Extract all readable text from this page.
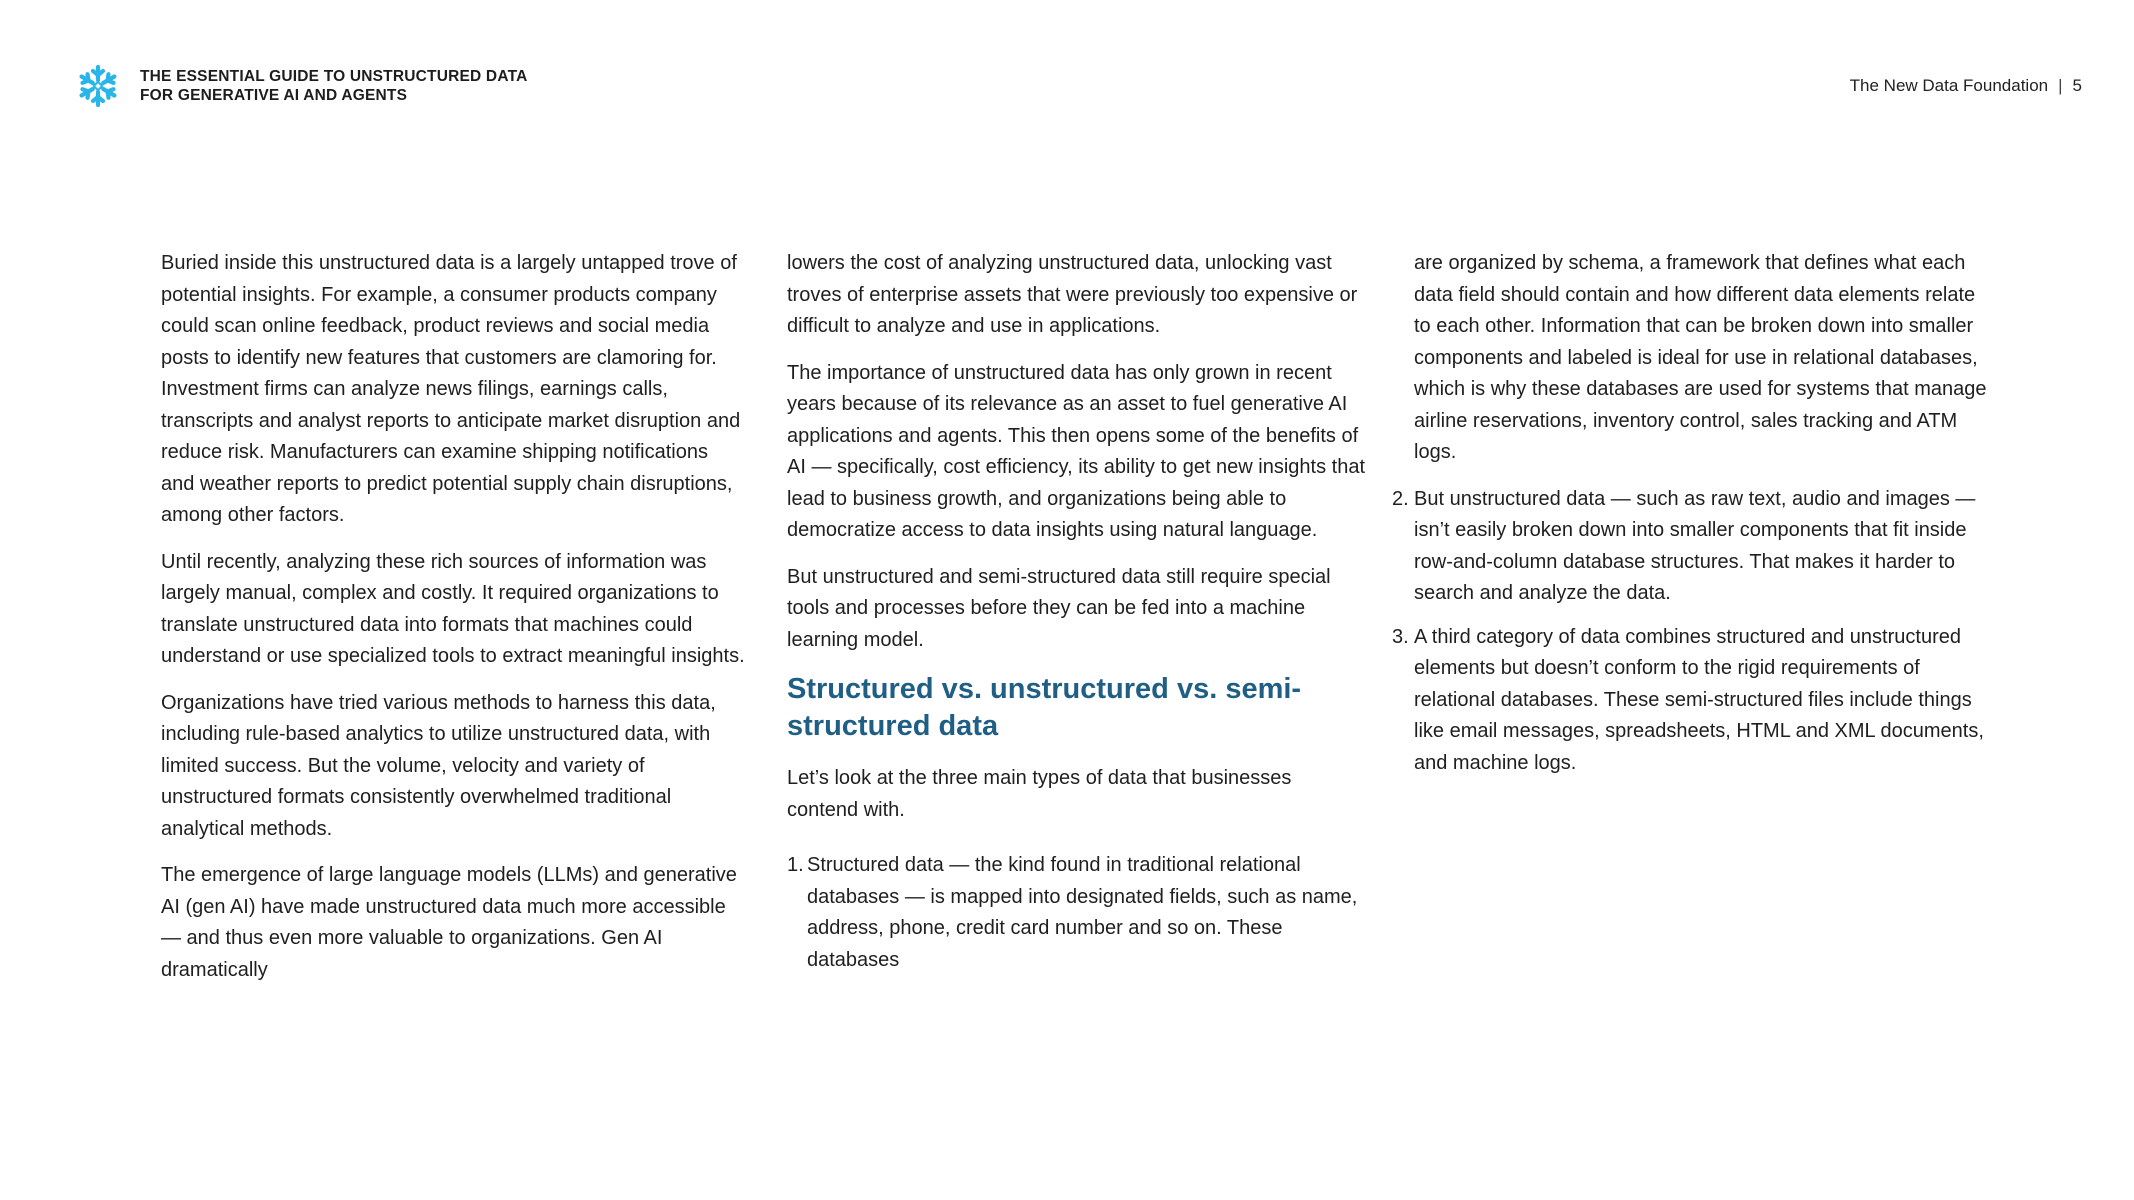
THE ESSENTIAL GUIDE TO UNSTRUCTURED DATA
FOR GENERATIVE AI AND AGENTS
The New Data Foundation | 5

Buried inside this unstructured data is a largely untapped trove of potential insights. For example, a consumer products company could scan online feedback, product reviews and social media posts to identify new features that customers are clamoring for. Investment firms can analyze news filings, earnings calls, transcripts and analyst reports to anticipate market disruption and reduce risk. Manufacturers can examine shipping notifications and weather reports to predict potential supply chain disruptions, among other factors.

Until recently, analyzing these rich sources of information was largely manual, complex and costly. It required organizations to translate unstructured data into formats that machines could understand or use specialized tools to extract meaningful insights.

Organizations have tried various methods to harness this data, including rule-based analytics to utilize unstructured data, with limited success. But the volume, velocity and variety of unstructured formats consistently overwhelmed traditional analytical methods.

The emergence of large language models (LLMs) and generative AI (gen AI) have made unstructured data much more accessible — and thus even more valuable to organizations. Gen AI dramatically

lowers the cost of analyzing unstructured data, unlocking vast troves of enterprise assets that were previously too expensive or difficult to analyze and use in applications.

The importance of unstructured data has only grown in recent years because of its relevance as an asset to fuel generative AI applications and agents. This then opens some of the benefits of AI — specifically, cost efficiency, its ability to get new insights that lead to business growth, and organizations being able to democratize access to data insights using natural language.

But unstructured and semi-structured data still require special tools and processes before they can be fed into a machine learning model.

Structured vs. unstructured vs. semi-structured data

Let’s look at the three main types of data that businesses contend with.

1. Structured data — the kind found in traditional relational databases — is mapped into designated fields, such as name, address, phone, credit card number and so on. These databases

are organized by schema, a framework that defines what each data field should contain and how different data elements relate to each other. Information that can be broken down into smaller components and labeled is ideal for use in relational databases, which is why these databases are used for systems that manage airline reservations, inventory control, sales tracking and ATM logs.

2. But unstructured data — such as raw text, audio and images — isn’t easily broken down into smaller components that fit inside row-and-column database structures. That makes it harder to search and analyze the data.
3. A third category of data combines structured and unstructured elements but doesn’t conform to the rigid requirements of relational databases. These semi-structured files include things like email messages, spreadsheets, HTML and XML documents, and machine logs.
